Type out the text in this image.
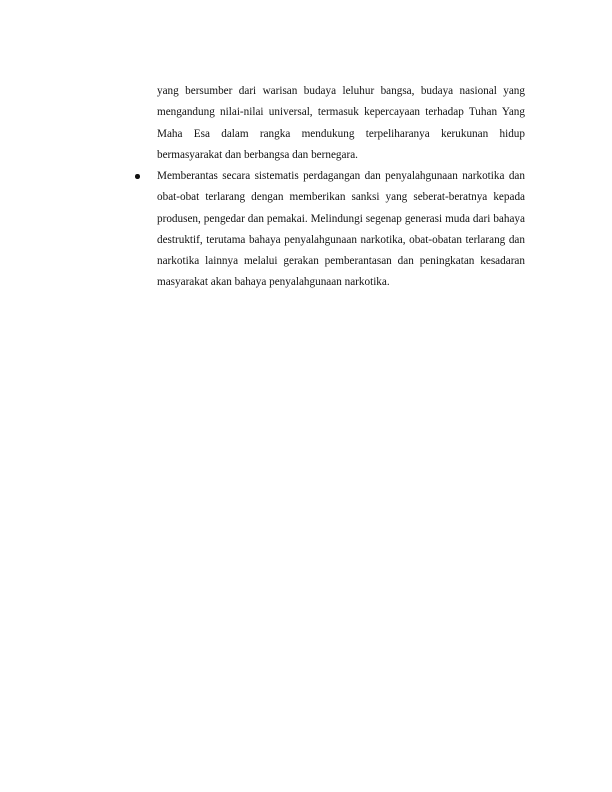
yang bersumber dari warisan budaya leluhur bangsa, budaya nasional yang mengandung nilai-nilai universal, termasuk kepercayaan terhadap Tuhan Yang Maha Esa dalam rangka mendukung terpeliharanya kerukunan hidup bermasyarakat dan berbangsa dan bernegara.

Memberantas secara sistematis perdagangan dan penyalahgunaan narkotika dan obat-obat terlarang dengan memberikan sanksi yang seberat-beratnya kepada produsen, pengedar dan pemakai. Melindungi segenap generasi muda dari bahaya destruktif, terutama bahaya penyalahgunaan narkotika, obat-obatan terlarang dan narkotika lainnya melalui gerakan pemberantasan dan peningkatan kesadaran masyarakat akan bahaya penyalahgunaan narkotika.
